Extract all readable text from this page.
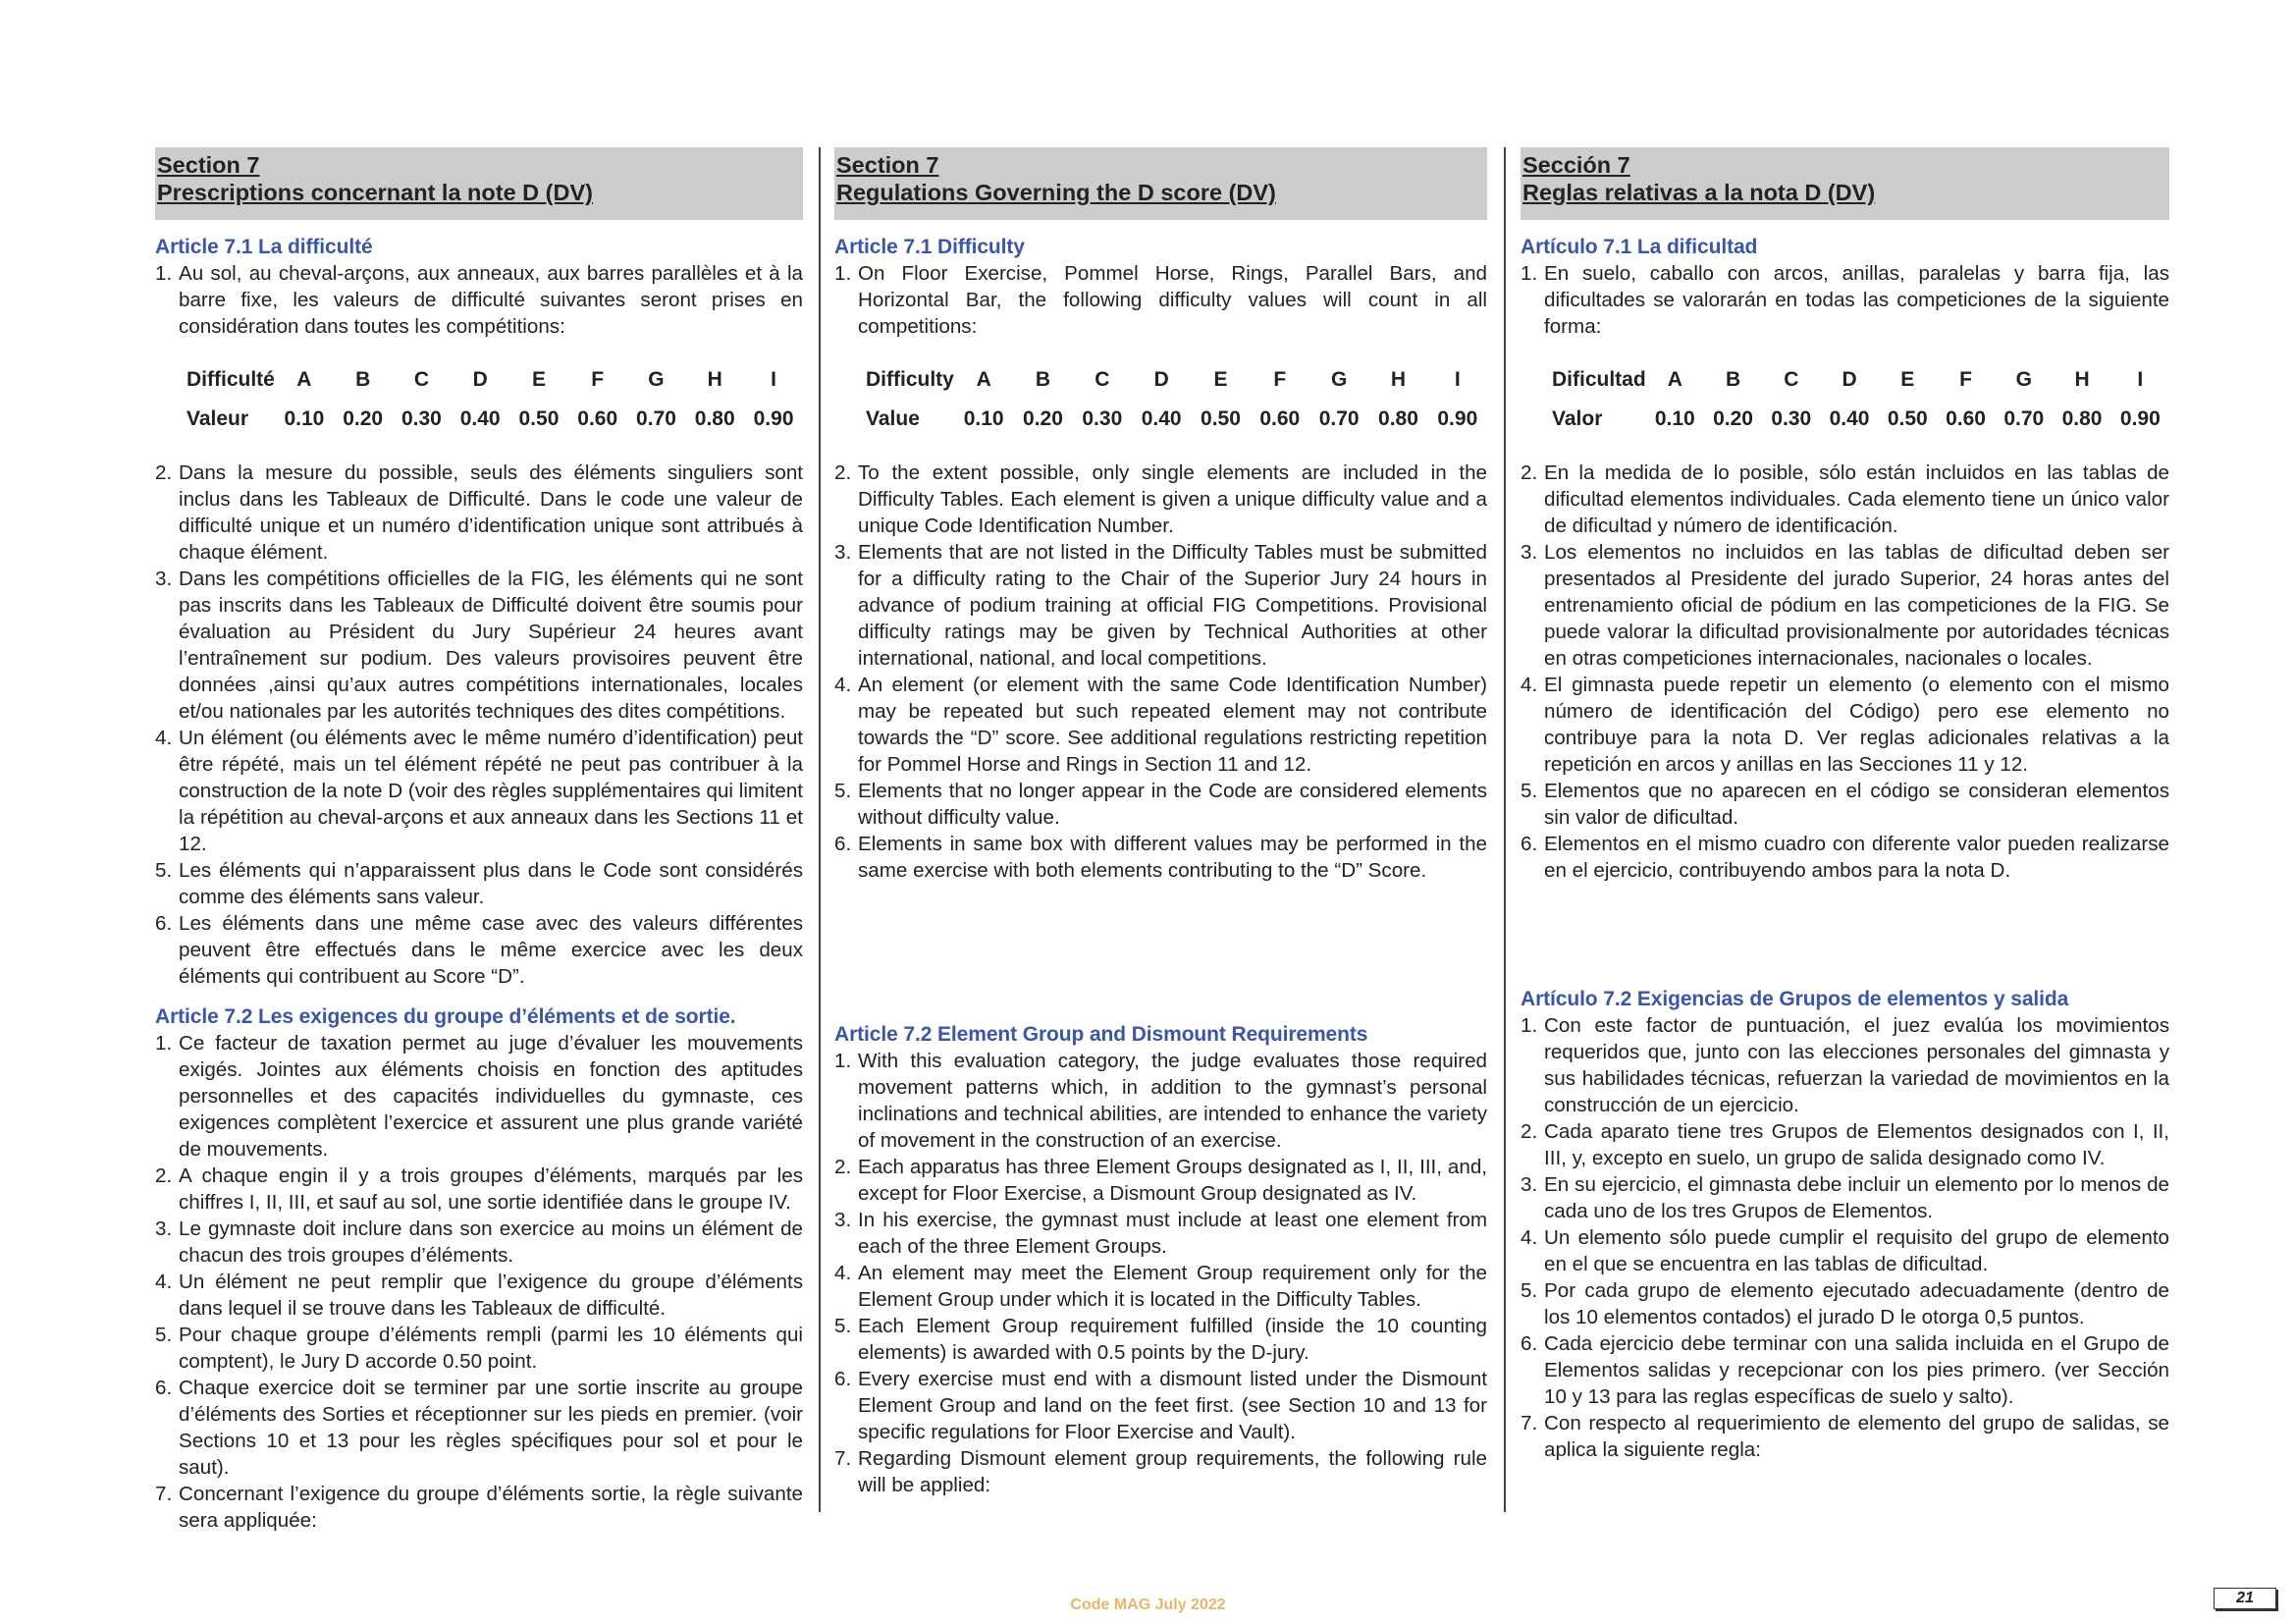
Section 7
Prescriptions concernant la note D (DV)
Article 7.1 La difficulté
1. Au sol, au cheval-arçons, aux anneaux, aux barres parallèles et à la barre fixe, les valeurs de difficulté suivantes seront prises en considération dans toutes les compétitions:
Difficulté	A	B	C	D	E	F	G	H	I
Valeur	0.10	0.20	0.30	0.40	0.50	0.60	0.70	0.80	0.90
2. Dans la mesure du possible, seuls des éléments singuliers sont inclus dans les Tableaux de Difficulté. Dans le code une valeur de difficulté unique et un numéro d’identification unique sont attribués à chaque élément.
3. Dans les compétitions officielles de la FIG, les éléments qui ne sont pas inscrits dans les Tableaux de Difficulté doivent être soumis pour évaluation au Président du Jury Supérieur 24 heures avant l’entraînement sur podium. Des valeurs provisoires peuvent être données ,ainsi qu’aux autres compétitions internationales, locales et/ou nationales par les autorités techniques des dites compétitions.
4. Un élément (ou éléments avec le même numéro d’identification) peut être répété, mais un tel élément répété ne peut pas contribuer à la construction de la note D (voir des règles supplémentaires qui limitent la répétition au cheval-arçons et aux anneaux dans les Sections 11 et 12.
5. Les éléments qui n’apparaissent plus dans le Code sont considérés comme des éléments sans valeur.
6. Les éléments dans une même case avec des valeurs différentes peuvent être effectués dans le même exercice avec les deux éléments qui contribuent au Score “D”.
Article 7.2 Les exigences du groupe d’éléments et de sortie.
1. Ce facteur de taxation permet au juge d’évaluer les mouvements exigés. Jointes aux éléments choisis en fonction des aptitudes personnelles et des capacités individuelles du gymnaste, ces exigences complètent l’exercice et assurent une plus grande variété de mouvements.
2. A chaque engin il y a trois groupes d’éléments, marqués par les chiffres I, II, III, et sauf au sol, une sortie identifiée dans le groupe IV.
3. Le gymnaste doit inclure dans son exercice au moins un élément de chacun des trois groupes d’éléments.
4. Un élément ne peut remplir que l’exigence du groupe d’éléments dans lequel il se trouve dans les Tableaux de difficulté.
5. Pour chaque groupe d’éléments rempli (parmi les 10 éléments qui comptent), le Jury D accorde 0.50 point.
6. Chaque exercice doit se terminer par une sortie inscrite au groupe d’éléments des Sorties et réceptionner sur les pieds en premier. (voir Sections 10 et 13 pour les règles spécifiques pour sol et pour le saut).
7. Concernant l’exigence du groupe d’éléments sortie, la règle suivante sera appliquée:
Section 7
Regulations Governing the D score (DV)
Article 7.1 Difficulty
1. On Floor Exercise, Pommel Horse, Rings, Parallel Bars, and Horizontal Bar, the following difficulty values will count in all competitions:
Difficulty	A	B	C	D	E	F	G	H	I
Value	0.10	0.20	0.30	0.40	0.50	0.60	0.70	0.80	0.90
2. To the extent possible, only single elements are included in the Difficulty Tables. Each element is given a unique difficulty value and a unique Code Identification Number.
3. Elements that are not listed in the Difficulty Tables must be submitted for a difficulty rating to the Chair of the Superior Jury 24 hours in advance of podium training at official FIG Competitions. Provisional difficulty ratings may be given by Technical Authorities at other international, national, and local competitions.
4. An element (or element with the same Code Identification Number) may be repeated but such repeated element may not contribute towards the “D” score. See additional regulations restricting repetition for Pommel Horse and Rings in Section 11 and 12.
5. Elements that no longer appear in the Code are considered elements without difficulty value.
6. Elements in same box with different values may be performed in the same exercise with both elements contributing to the “D” Score.
Article 7.2 Element Group and Dismount Requirements
1. With this evaluation category, the judge evaluates those required movement patterns which, in addition to the gymnast’s personal inclinations and technical abilities, are intended to enhance the variety of movement in the construction of an exercise.
2. Each apparatus has three Element Groups designated as I, II, III, and, except for Floor Exercise, a Dismount Group designated as IV.
3. In his exercise, the gymnast must include at least one element from each of the three Element Groups.
4. An element may meet the Element Group requirement only for the Element Group under which it is located in the Difficulty Tables.
5. Each Element Group requirement fulfilled (inside the 10 counting elements) is awarded with 0.5 points by the D-jury.
6. Every exercise must end with a dismount listed under the Dismount Element Group and land on the feet first. (see Section 10 and 13 for specific regulations for Floor Exercise and Vault).
7. Regarding Dismount element group requirements, the following rule will be applied:
Sección 7
Reglas relativas a la nota D (DV)
Artículo 7.1 La dificultad
1. En suelo, caballo con arcos, anillas, paralelas y barra fija, las dificultades se valorarán en todas las competiciones de la siguiente forma:
Dificultad	A	B	C	D	E	F	G	H	I
Valor	0.10	0.20	0.30	0.40	0.50	0.60	0.70	0.80	0.90
2. En la medida de lo posible, sólo están incluidos en las tablas de dificultad elementos individuales. Cada elemento tiene un único valor de dificultad y número de identificación.
3. Los elementos no incluidos en las tablas de dificultad deben ser presentados al Presidente del jurado Superior, 24 horas antes del entrenamiento oficial de pódium en las competiciones de la FIG. Se puede valorar la dificultad provisionalmente por autoridades técnicas en otras competiciones internacionales, nacionales o locales.
4. El gimnasta puede repetir un elemento (o elemento con el mismo número de identificación del Código) pero ese elemento no contribuye para la nota D. Ver reglas adicionales relativas a la repetición en arcos y anillas en las Secciones 11 y 12.
5. Elementos que no aparecen en el código se consideran elementos sin valor de dificultad.
6. Elementos en el mismo cuadro con diferente valor pueden realizarse en el ejercicio, contribuyendo ambos para la nota D.
Artículo 7.2 Exigencias de Grupos de elementos y salida
1. Con este factor de puntuación, el juez evalúa los movimientos requeridos que, junto con las elecciones personales del gimnasta y sus habilidades técnicas, refuerzan la variedad de movimientos en la construcción de un ejercicio.
2. Cada aparato tiene tres Grupos de Elementos designados con I, II, III, y, excepto en suelo, un grupo de salida designado como IV.
3. En su ejercicio, el gimnasta debe incluir un elemento por lo menos de cada uno de los tres Grupos de Elementos.
4. Un elemento sólo puede cumplir el requisito del grupo de elemento en el que se encuentra en las tablas de dificultad.
5. Por cada grupo de elemento ejecutado adecuadamente (dentro de los 10 elementos contados) el jurado D le otorga 0,5 puntos.
6. Cada ejercicio debe terminar con una salida incluida en el Grupo de Elementos salidas y recepcionar con los pies primero. (ver Sección 10 y 13 para las reglas específicas de suelo y salto).
7. Con respecto al requerimiento de elemento del grupo de salidas, se aplica la siguiente regla:
Code MAG July 2022	21
